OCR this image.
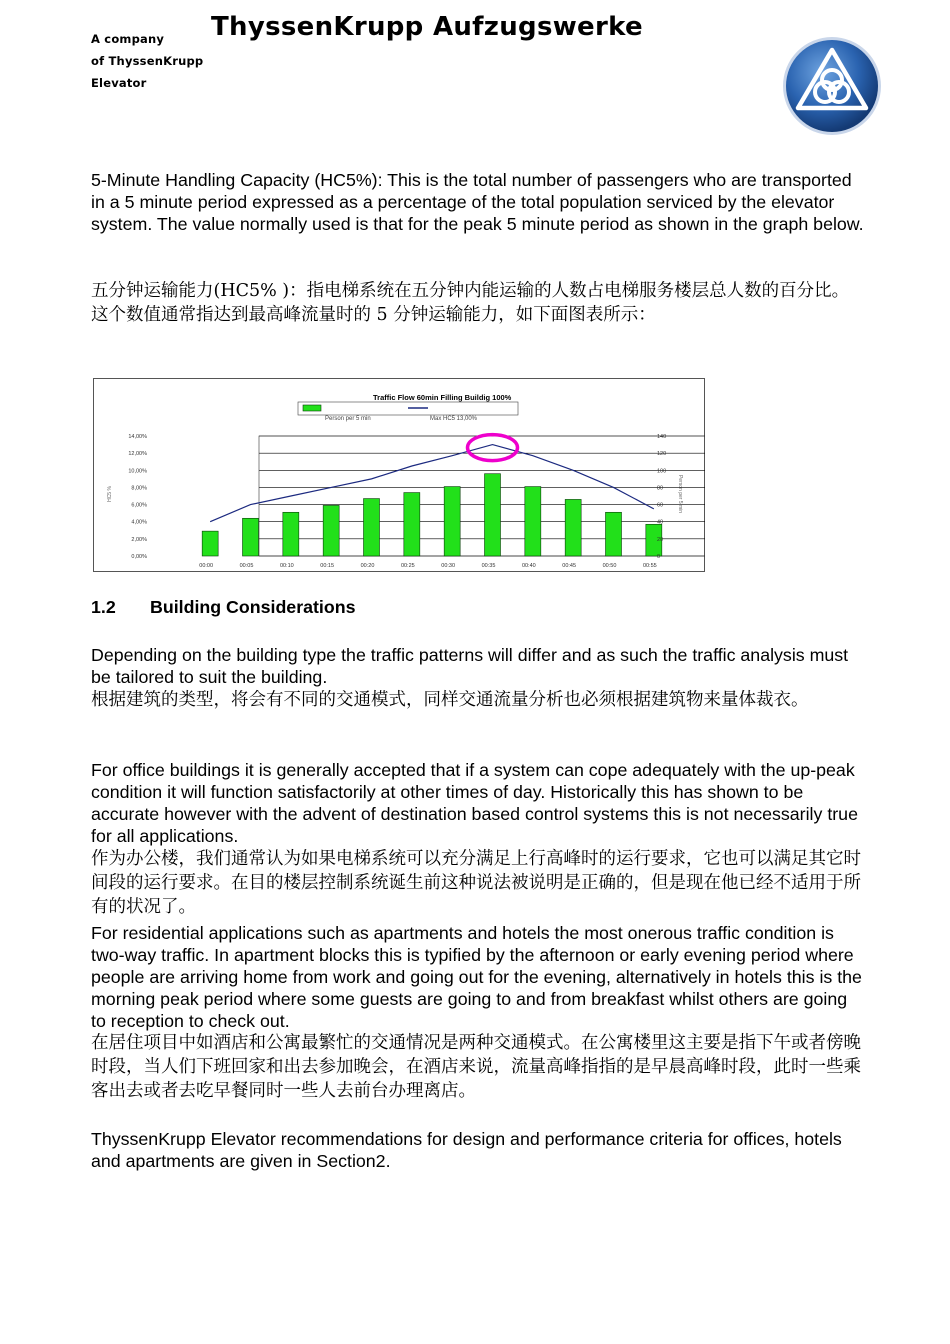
A company
of ThyssenKrupp
Elevator
ThyssenKrupp Aufzugswerke

5-Minute Handling Capacity (HC5%): This is the total number of passengers who are transported in a 5 minute period expressed as a percentage of the total population serviced by the elevator system. The value normally used is that for the peak 5 minute period as shown in the graph below.

五分钟运输能力(HC5% )：指电梯系统在五分钟内能运输的人数占电梯服务楼层总人数的百分比。这个数值通常指达到最高峰流量时的 5 分钟运输能力，如下面图表所示：

Traffic Flow 60min Filling Buildig 100%
Person per 5 min	Max HC5 13,00%
HC5 %	Person per 5 min
0,00%	0
2,00%	20
4,00%	40
6,00%	60
8,00%	80
10,00%	100
12,00%	120
14,00%	140
00:00	00:05	00:10	00:15	00:20	00:25	00:30	00:35	00:40	00:45	00:50	00:55
1.2 Building Considerations

Depending on the building type the traffic patterns will differ and as such the traffic analysis must be tailored to suit the building.

根据建筑的类型，将会有不同的交通模式，同样交通流量分析也必须根据建筑物来量体裁衣。

For office buildings it is generally accepted that if a system can cope adequately with the up-peak condition it will function satisfactorily at other times of day. Historically this has shown to be accurate however with the advent of destination based control systems this is not necessarily true for all applications.

作为办公楼，我们通常认为如果电梯系统可以充分满足上行高峰时的运行要求，它也可以满足其它时间段的运行要求。在目的楼层控制系统诞生前这种说法被说明是正确的，但是现在他已经不适用于所有的状况了。

For residential applications such as apartments and hotels the most onerous traffic condition is two-way traffic. In apartment blocks this is typified by the afternoon or early evening period where people are arriving home from work and going out for the evening, alternatively in hotels this is the morning peak period where some guests are going to and from breakfast whilst others are going to reception to check out.

在居住项目中如酒店和公寓最繁忙的交通情况是两种交通模式。在公寓楼里这主要是指下午或者傍晚时段，当人们下班回家和出去参加晚会，在酒店来说，流量高峰指指的是早晨高峰时段，此时一些乘客出去或者去吃早餐同时一些人去前台办理离店。

ThyssenKrupp Elevator recommendations for design and performance criteria for offices, hotels and apartments are given in Section2.
